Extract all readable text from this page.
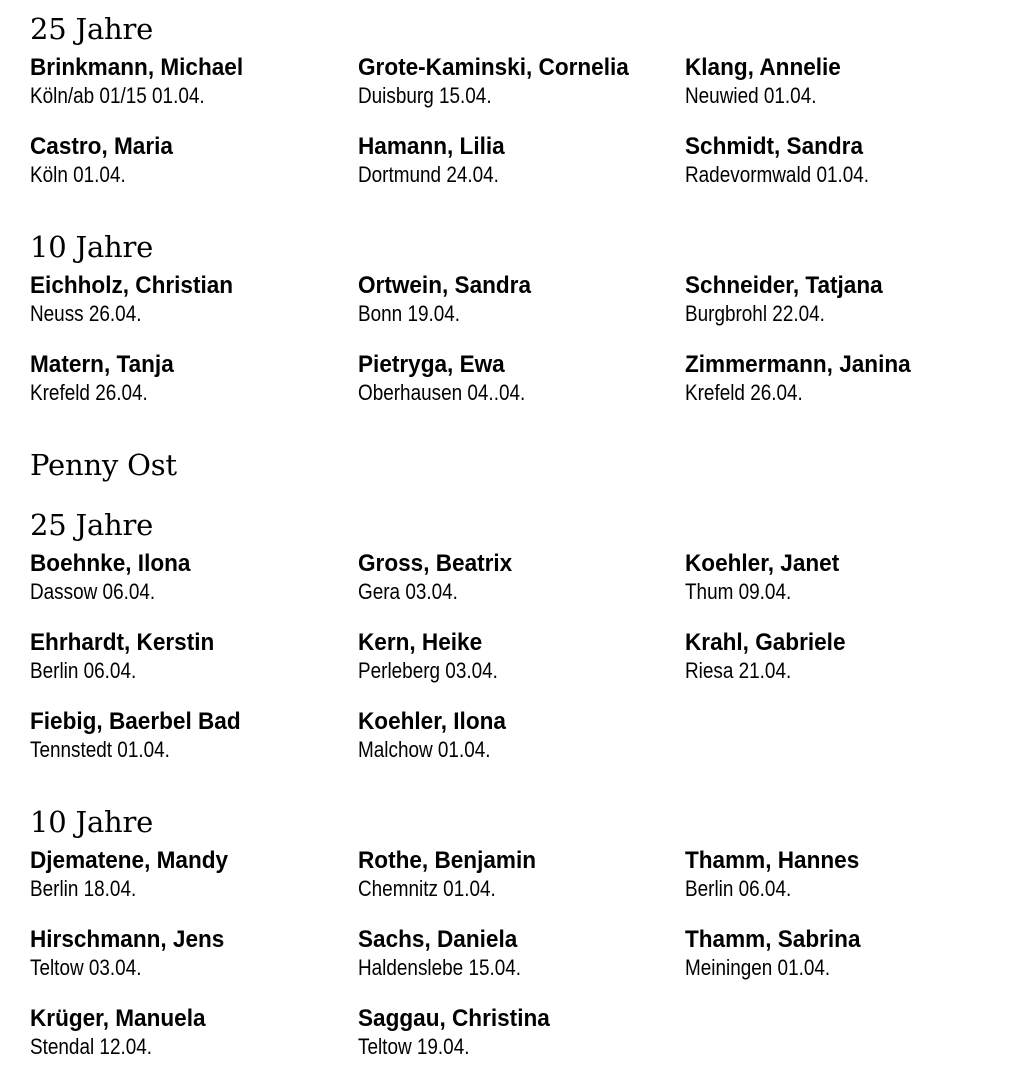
25 Jahre
Brinkmann, Michael
Köln/ab 01/15 01.04.
Grote-Kaminski, Cornelia
Duisburg 15.04.
Klang, Annelie
Neuwied 01.04.
Castro, Maria
Köln 01.04.
Hamann, Lilia
Dortmund 24.04.
Schmidt, Sandra
Radevormwald 01.04.
10 Jahre
Eichholz, Christian
Neuss 26.04.
Ortwein, Sandra
Bonn 19.04.
Schneider, Tatjana
Burgbrohl 22.04.
Matern, Tanja
Krefeld 26.04.
Pietryga, Ewa
Oberhausen 04..04.
Zimmermann, Janina
Krefeld 26.04.
Penny Ost
25 Jahre
Boehnke, Ilona
Dassow 06.04.
Gross, Beatrix
Gera 03.04.
Koehler, Janet
Thum 09.04.
Ehrhardt, Kerstin
Berlin 06.04.
Kern, Heike
Perleberg 03.04.
Krahl, Gabriele
Riesa 21.04.
Fiebig, Baerbel Bad
Tennstedt 01.04.
Koehler, Ilona
Malchow 01.04.
10 Jahre
Djematene, Mandy
Berlin 18.04.
Rothe, Benjamin
Chemnitz 01.04.
Thamm, Hannes
Berlin 06.04.
Hirschmann, Jens
Teltow 03.04.
Sachs, Daniela
Haldenslebe 15.04.
Thamm, Sabrina
Meiningen 01.04.
Krüger, Manuela
Stendal 12.04.
Saggau, Christina
Teltow 19.04.
